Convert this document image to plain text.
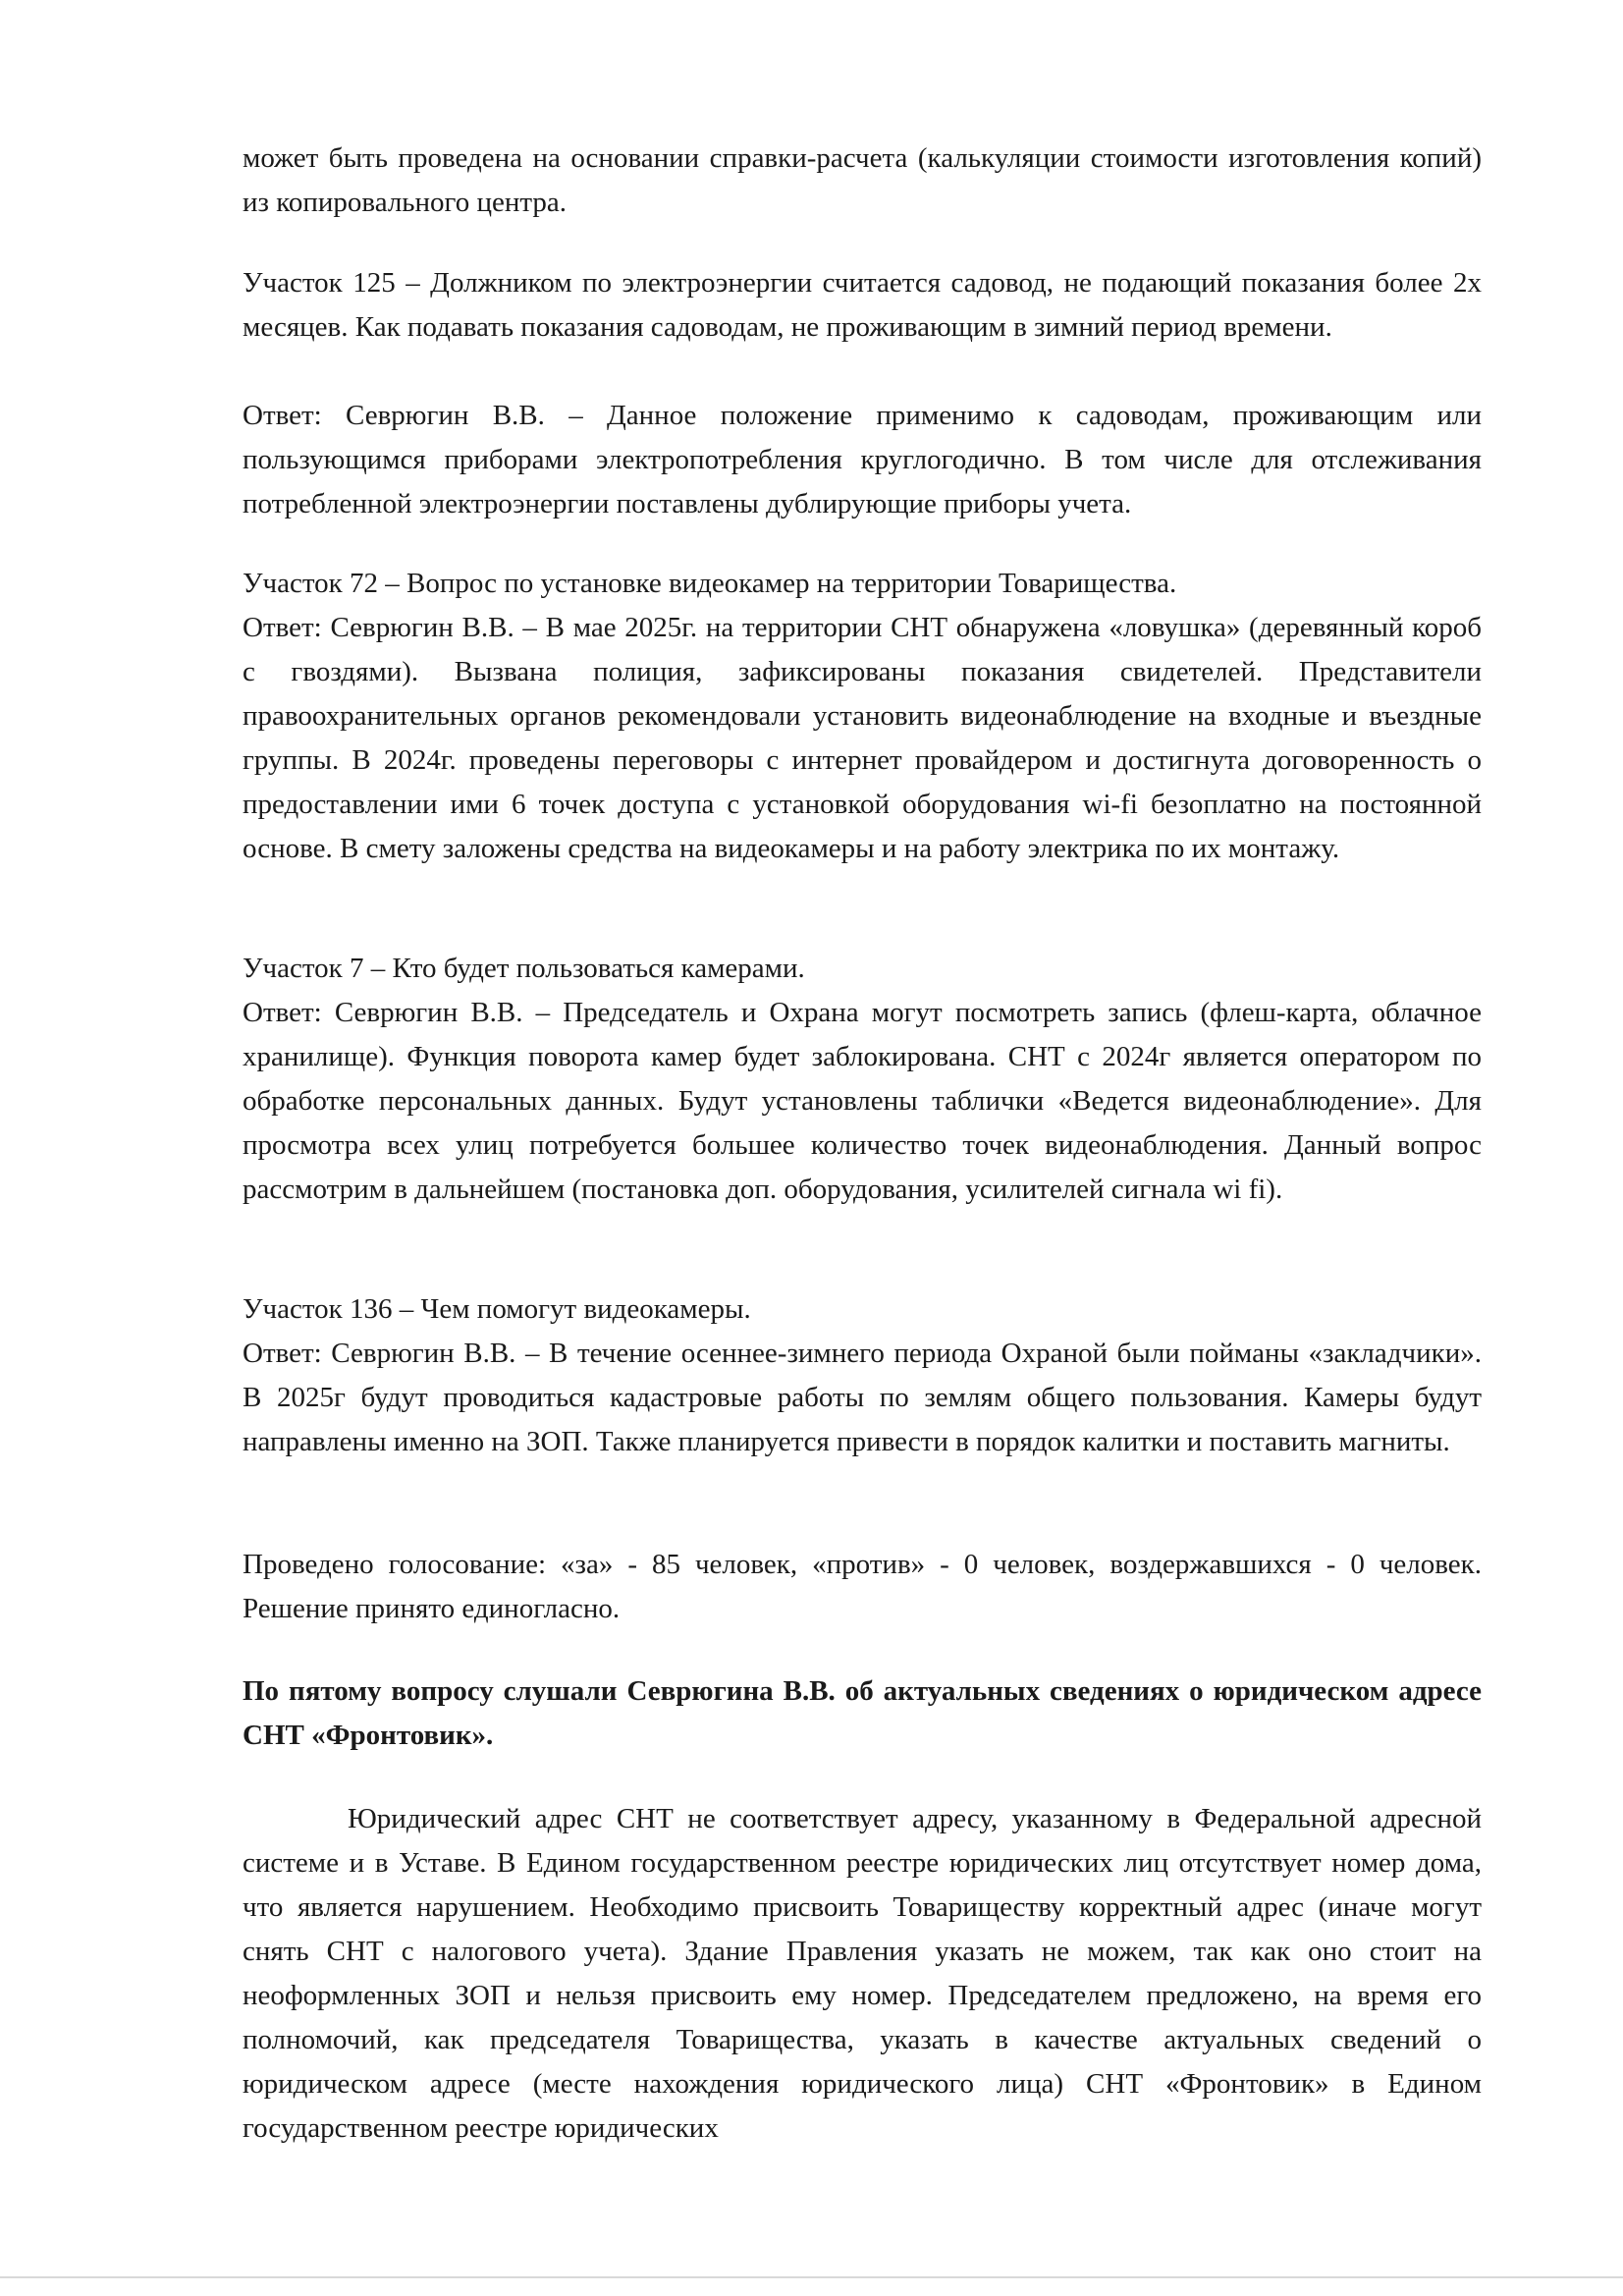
может быть проведена на основании справки-расчета (калькуляции стоимости изготовления копий) из копировального центра.

Участок 125 – Должником по электроэнергии считается садовод, не подающий показания более 2х месяцев. Как подавать показания садоводам, не проживающим в зимний период времени.

Ответ: Севрюгин В.В. – Данное положение применимо к садоводам, проживающим или пользующимся приборами электропотребления круглогодично. В том числе для отслеживания потребленной электроэнергии поставлены дублирующие приборы учета.

Участок 72 – Вопрос по установке видеокамер на территории Товарищества.

Ответ: Севрюгин В.В. – В мае 2025г. на территории СНТ обнаружена «ловушка» (деревянный короб с гвоздями). Вызвана полиция, зафиксированы показания свидетелей. Представители правоохранительных органов рекомендовали установить видеонаблюдение на входные и въездные группы. В 2024г. проведены переговоры с интернет провайдером и достигнута договоренность о предоставлении ими 6 точек доступа с установкой оборудования wi-fi безоплатно на постоянной основе. В смету заложены средства на видеокамеры и на работу электрика по их монтажу.

Участок 7 – Кто будет пользоваться камерами.

Ответ: Севрюгин В.В. – Председатель и Охрана могут посмотреть запись (флеш-карта, облачное хранилище). Функция поворота камер будет заблокирована. СНТ с 2024г является оператором по обработке персональных данных. Будут установлены таблички «Ведется видеонаблюдение». Для просмотра всех улиц потребуется большее количество точек видеонаблюдения. Данный вопрос рассмотрим в дальнейшем (постановка доп. оборудования, усилителей сигнала wi fi).

Участок 136 – Чем помогут видеокамеры.

Ответ: Севрюгин В.В. – В течение осеннее-зимнего периода Охраной были пойманы «закладчики». В 2025г будут проводиться кадастровые работы по землям общего пользования. Камеры будут направлены именно на ЗОП. Также планируется привести в порядок калитки и поставить магниты.

Проведено голосование: «за» - 85 человек, «против» - 0 человек, воздержавшихся - 0 человек. Решение принято единогласно.

По пятому вопросу слушали Севрюгина В.В. об актуальных сведениях о юридическом адресе СНТ «Фронтовик».

Юридический адрес СНТ не соответствует адресу, указанному в Федеральной адресной системе и в Уставе. В Едином государственном реестре юридических лиц отсутствует номер дома, что является нарушением. Необходимо присвоить Товариществу корректный адрес (иначе могут снять СНТ с налогового учета). Здание Правления указать не можем, так как оно стоит на неоформленных ЗОП и нельзя присвоить ему номер. Председателем предложено, на время его полномочий, как председателя Товарищества, указать в качестве актуальных сведений о юридическом адресе (месте нахождения юридического лица) СНТ «Фронтовик» в Едином государственном реестре юридических
